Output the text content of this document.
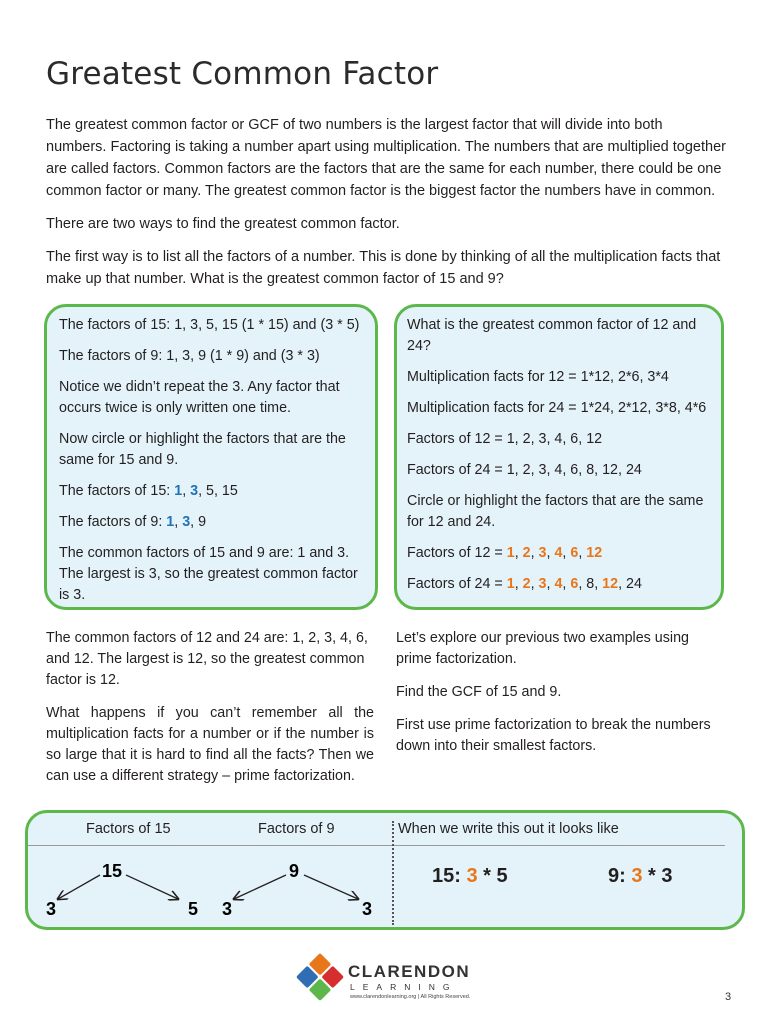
Greatest Common Factor

The greatest common factor or GCF of two numbers is the largest factor that will divide into both numbers. Factoring is taking a number apart using multiplication. The numbers that are multiplied together are called factors. Common factors are the factors that are the same for each number, there could be one common factor or many. The greatest common factor is the biggest factor the numbers have in common.

There are two ways to find the greatest common factor.

The first way is to list all the factors of a number. This is done by thinking of all the multiplication facts that make up that number. What is the greatest common factor of 15 and 9?

The factors of 15: 1, 3, 5, 15 (1 * 15) and (3 * 5)

The factors of 9: 1, 3, 9 (1 * 9) and (3 * 3)

Notice we didn’t repeat the 3. Any factor that occurs twice is only written one time.

Now circle or highlight the factors that are the same for 15 and 9.

The factors of 15: 1, 3, 5, 15

The factors of 9: 1, 3, 9

The common factors of 15 and 9 are: 1 and 3. The largest is 3, so the greatest common factor is 3.

What is the greatest common factor of 12 and 24?

Multiplication facts for 12 = 1*12, 2*6, 3*4

Multiplication facts for 24 = 1*24, 2*12, 3*8, 4*6

Factors of 12 = 1, 2, 3, 4, 6, 12

Factors of 24 = 1, 2, 3, 4, 6, 8, 12, 24

Circle or highlight the factors that are the same for 12 and 24.

Factors of 12 = 1, 2, 3, 4, 6, 12

Factors of 24 = 1, 2, 3, 4, 6, 8, 12, 24

The common factors of 12 and 24 are: 1, 2, 3, 4, 6, and 12. The largest is 12, so the greatest common factor is 12.

What happens if you can’t remember all the multiplication facts for a number or if the number is so large that it is hard to find all the facts? Then we can use a different strategy – prime factorization.

Let’s explore our previous two examples using prime factorization.

Find the GCF of 15 and 9.

First use prime factorization to break the numbers down into their smallest factors.

Factors of 15	Factors of 9	When we write this out it looks like
15
3	5
9
3	3
15: 3 * 5	9: 3 * 3
CLARENDON
LEARNING
www.clarendonlearning.org | All Rights Reserved.	3
